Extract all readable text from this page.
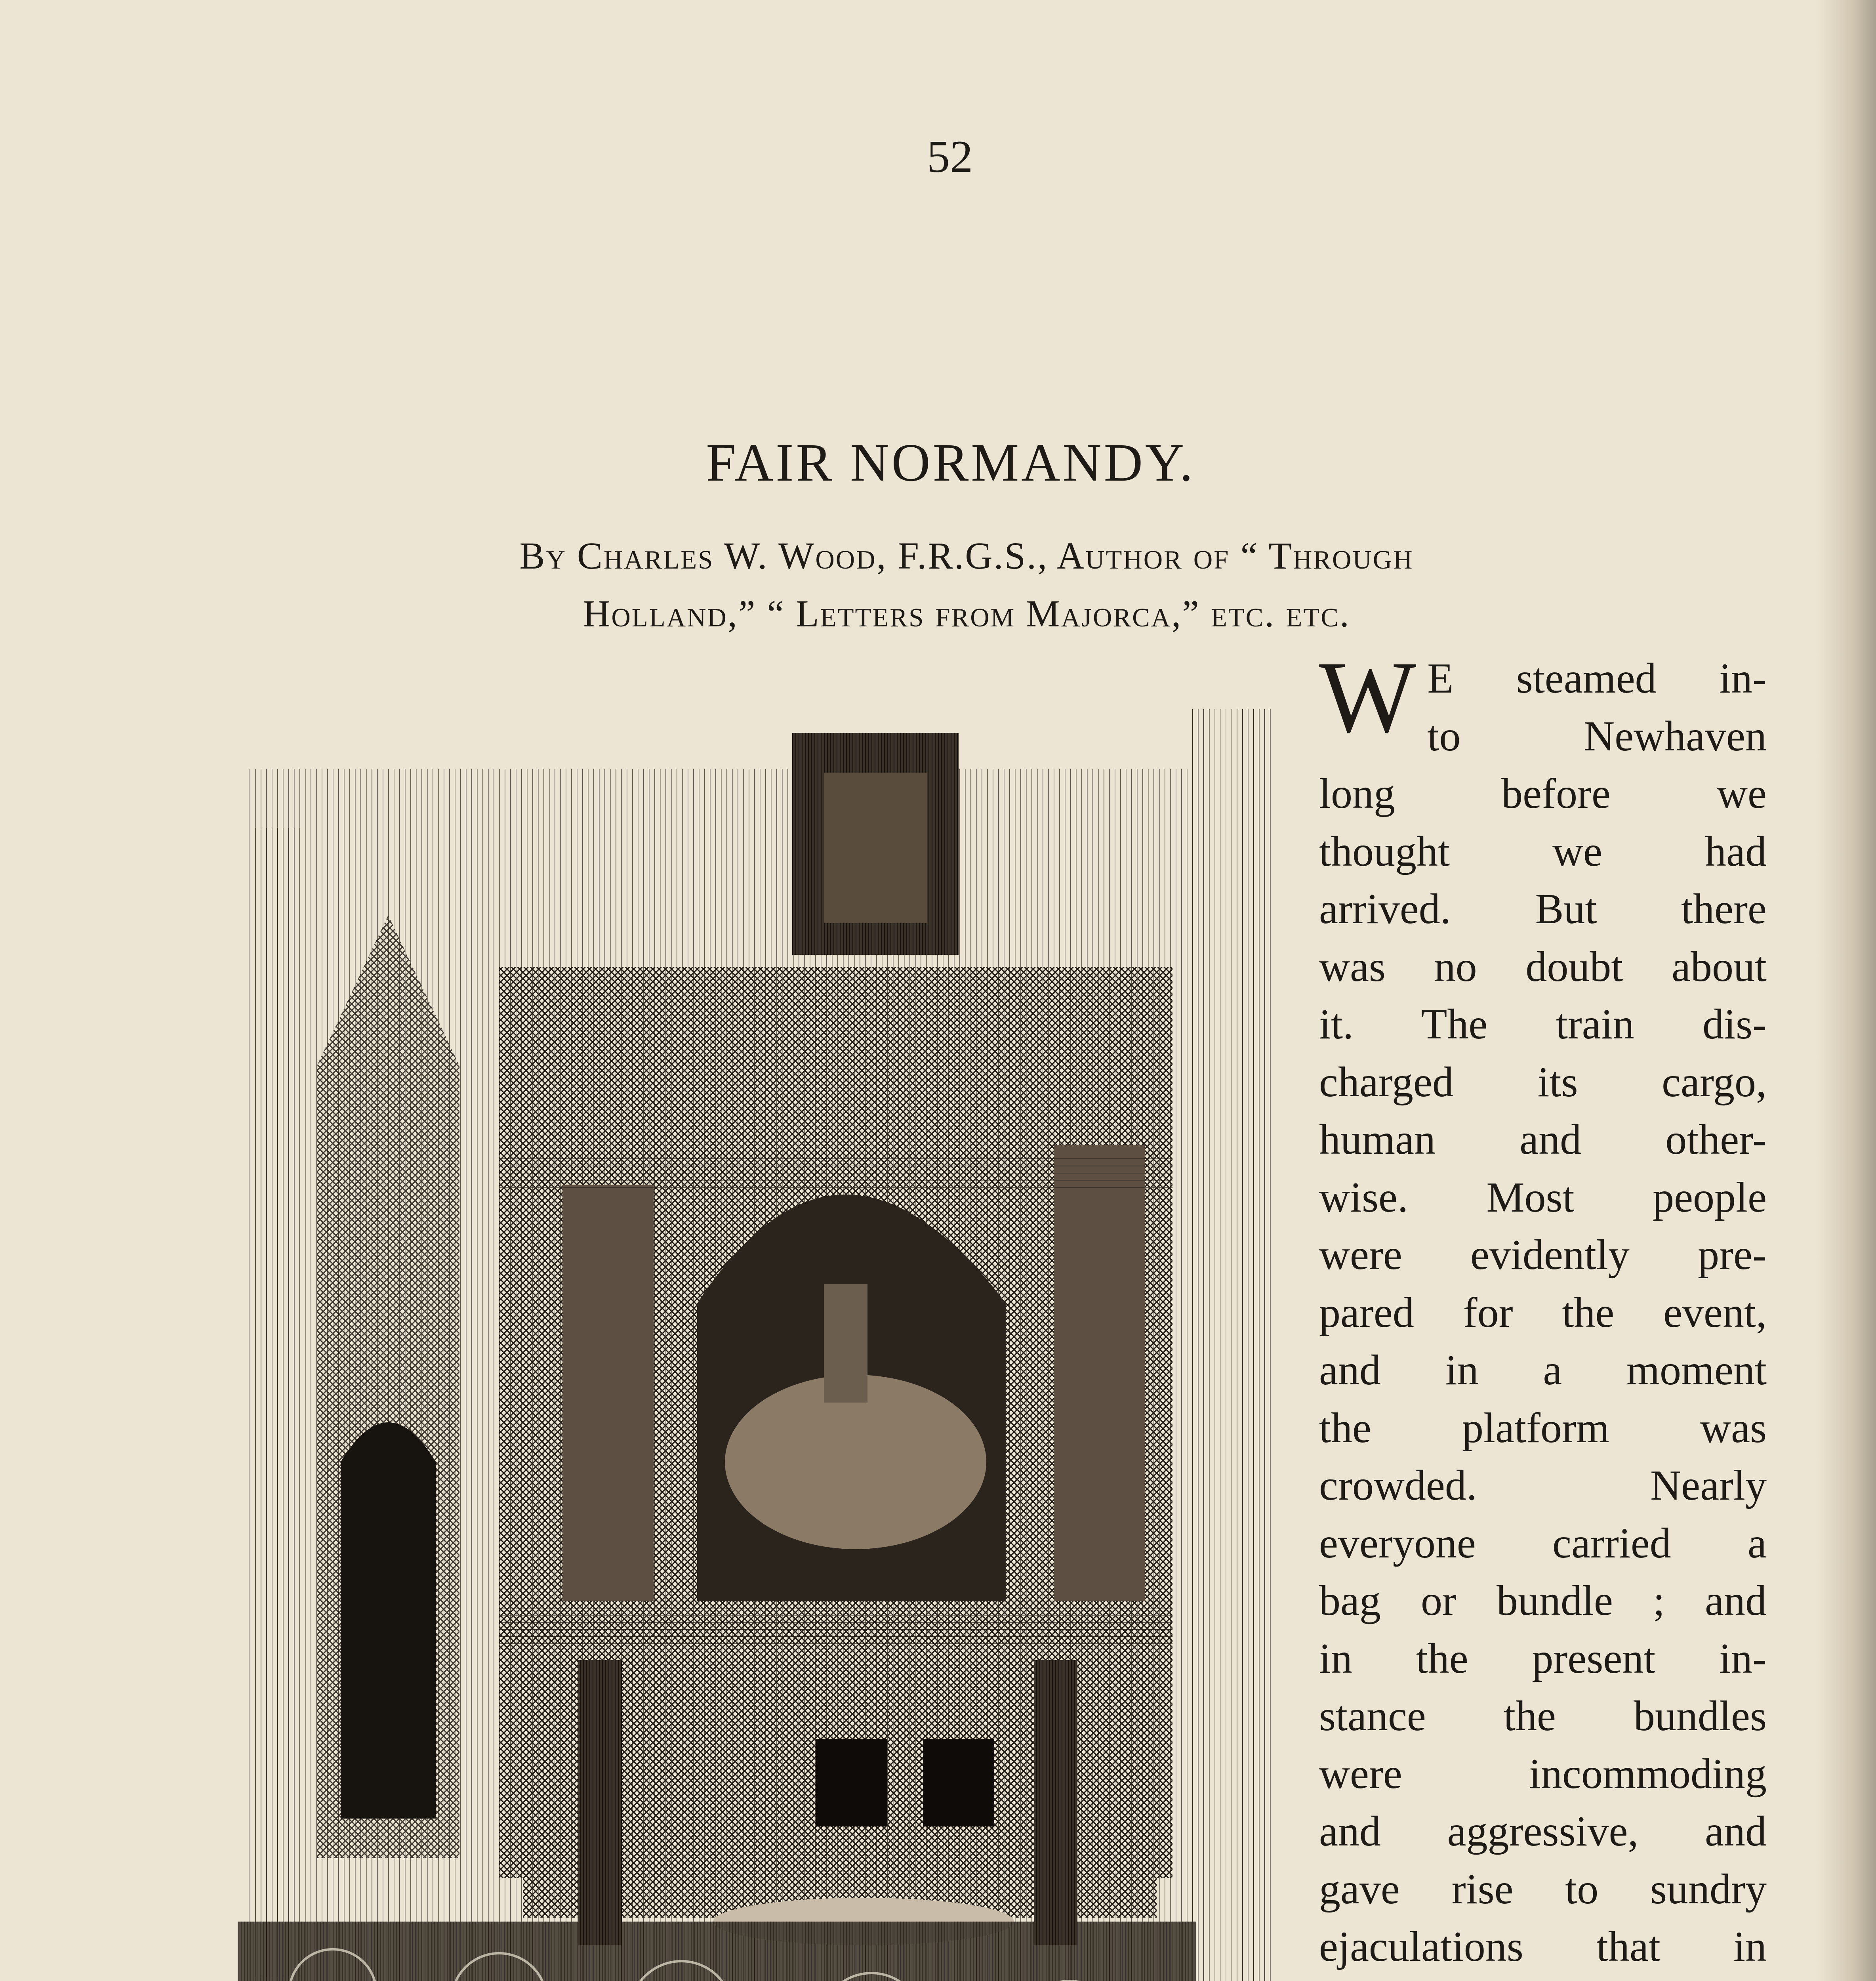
52
FAIR NORMANDY.
By Charles W. Wood, F.R.G.S., Author of “ Through
Holland,” “ Letters from Majorca,” etc. etc.
W E steamed in-
to Newhaven
long before we
thought we had
arrived. But there
was no doubt about
it. The train dis-
charged its cargo,
human and other-
wise. Most people
were evidently pre-
pared for the event,
and in a moment
the platform was
crowded. Nearly
everyone carried a
bag or bundle ; and
in the present in-
stance the bundles
were incommoding
and aggressive, and
gave rise to sundry
ejaculations that in
